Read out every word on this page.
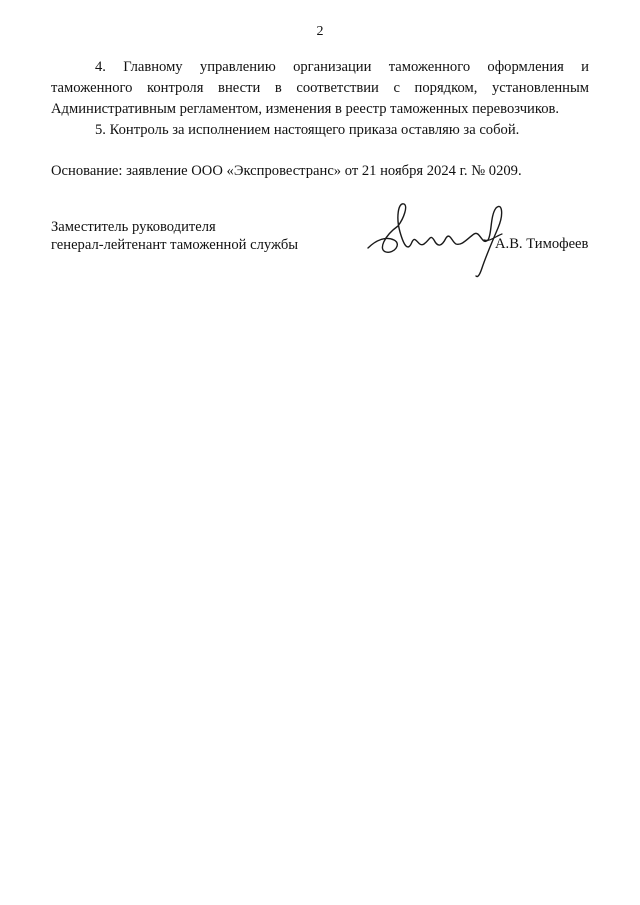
2

4. Главному управлению организации таможенного оформления и таможенного контроля внести в соответствии с порядком, установленным Административным регламентом, изменения в реестр таможенных перевозчиков.

5. Контроль за исполнением настоящего приказа оставляю за собой.

Основание: заявление ООО «Экспровестранс» от 21 ноября 2024 г. № 0209.
Заместитель руководителя
генерал-лейтенант таможенной службы	А.В. Тимофеев
